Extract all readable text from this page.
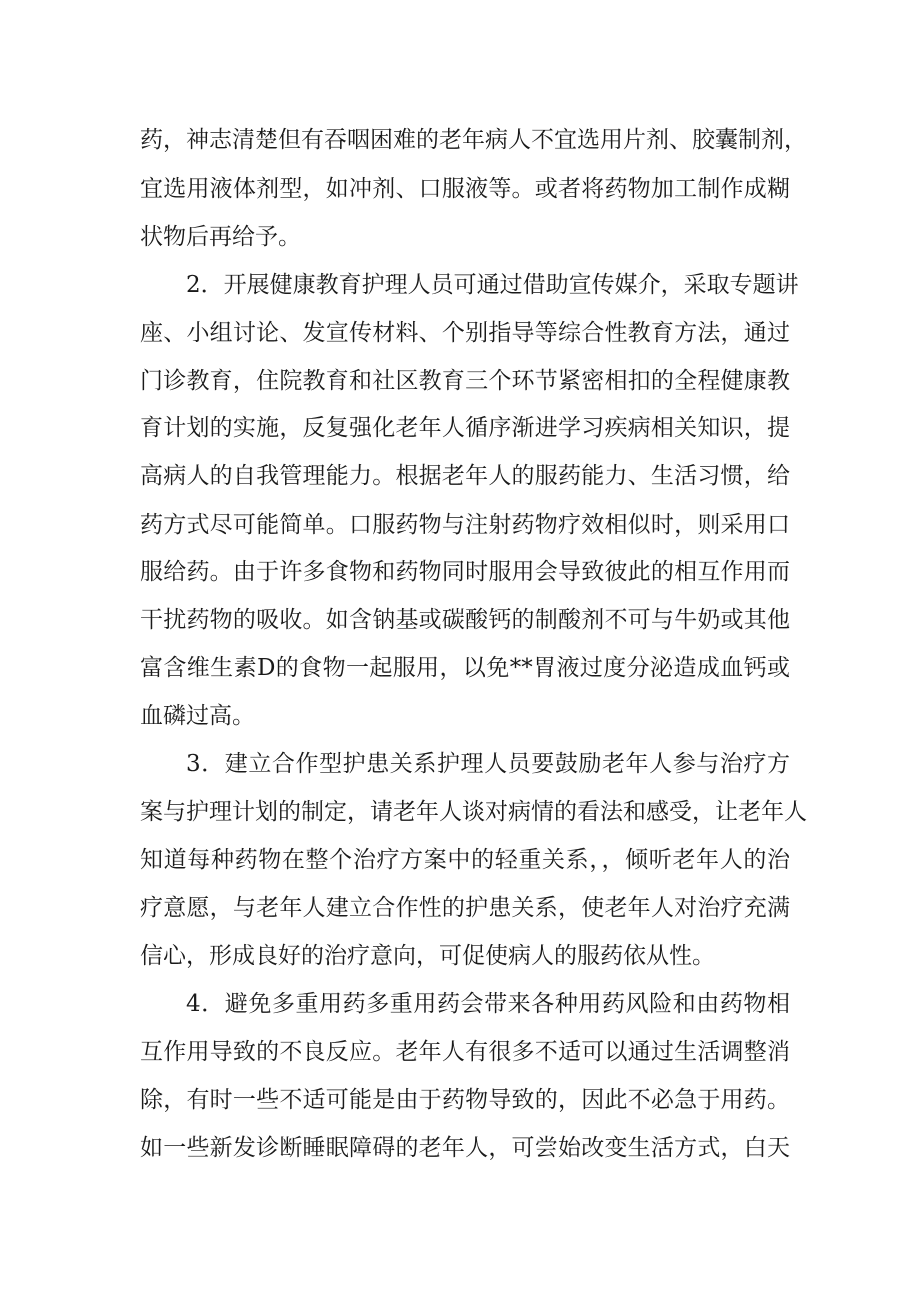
药，神志清楚但有吞咽困难的老年病人不宜选用片剂、胶囊制剂，
宜选用液体剂型，如冲剂、口服液等。或者将药物加工制作成糊
状物后再给予。
2．开展健康教育护理人员可通过借助宣传媒介，采取专题讲
座、小组讨论、发宣传材料、个别指导等综合性教育方法，通过
门诊教育，住院教育和社区教育三个环节紧密相扣的全程健康教
育计划的实施，反复强化老年人循序渐进学习疾病相关知识，提
高病人的自我管理能力。根据老年人的服药能力、生活习惯，给
药方式尽可能简单。口服药物与注射药物疗效相似时，则采用口
服给药。由于许多食物和药物同时服用会导致彼此的相互作用而
干扰药物的吸收。如含钠基或碳酸钙的制酸剂不可与牛奶或其他
富含维生素D的食物一起服用，以免**胃液过度分泌造成血钙或
血磷过高。
3．建立合作型护患关系护理人员要鼓励老年人参与治疗方
案与护理计划的制定，请老年人谈对病情的看法和感受，让老年人
知道每种药物在整个治疗方案中的轻重关系，，倾听老年人的治
疗意愿，与老年人建立合作性的护患关系，使老年人对治疗充满
信心，形成良好的治疗意向，可促使病人的服药依从性。
4．避免多重用药多重用药会带来各种用药风险和由药物相
互作用导致的不良反应。老年人有很多不适可以通过生活调整消
除，有时一些不适可能是由于药物导致的，因此不必急于用药。
如一些新发诊断睡眠障碍的老年人，可尝始改变生活方式，白天
